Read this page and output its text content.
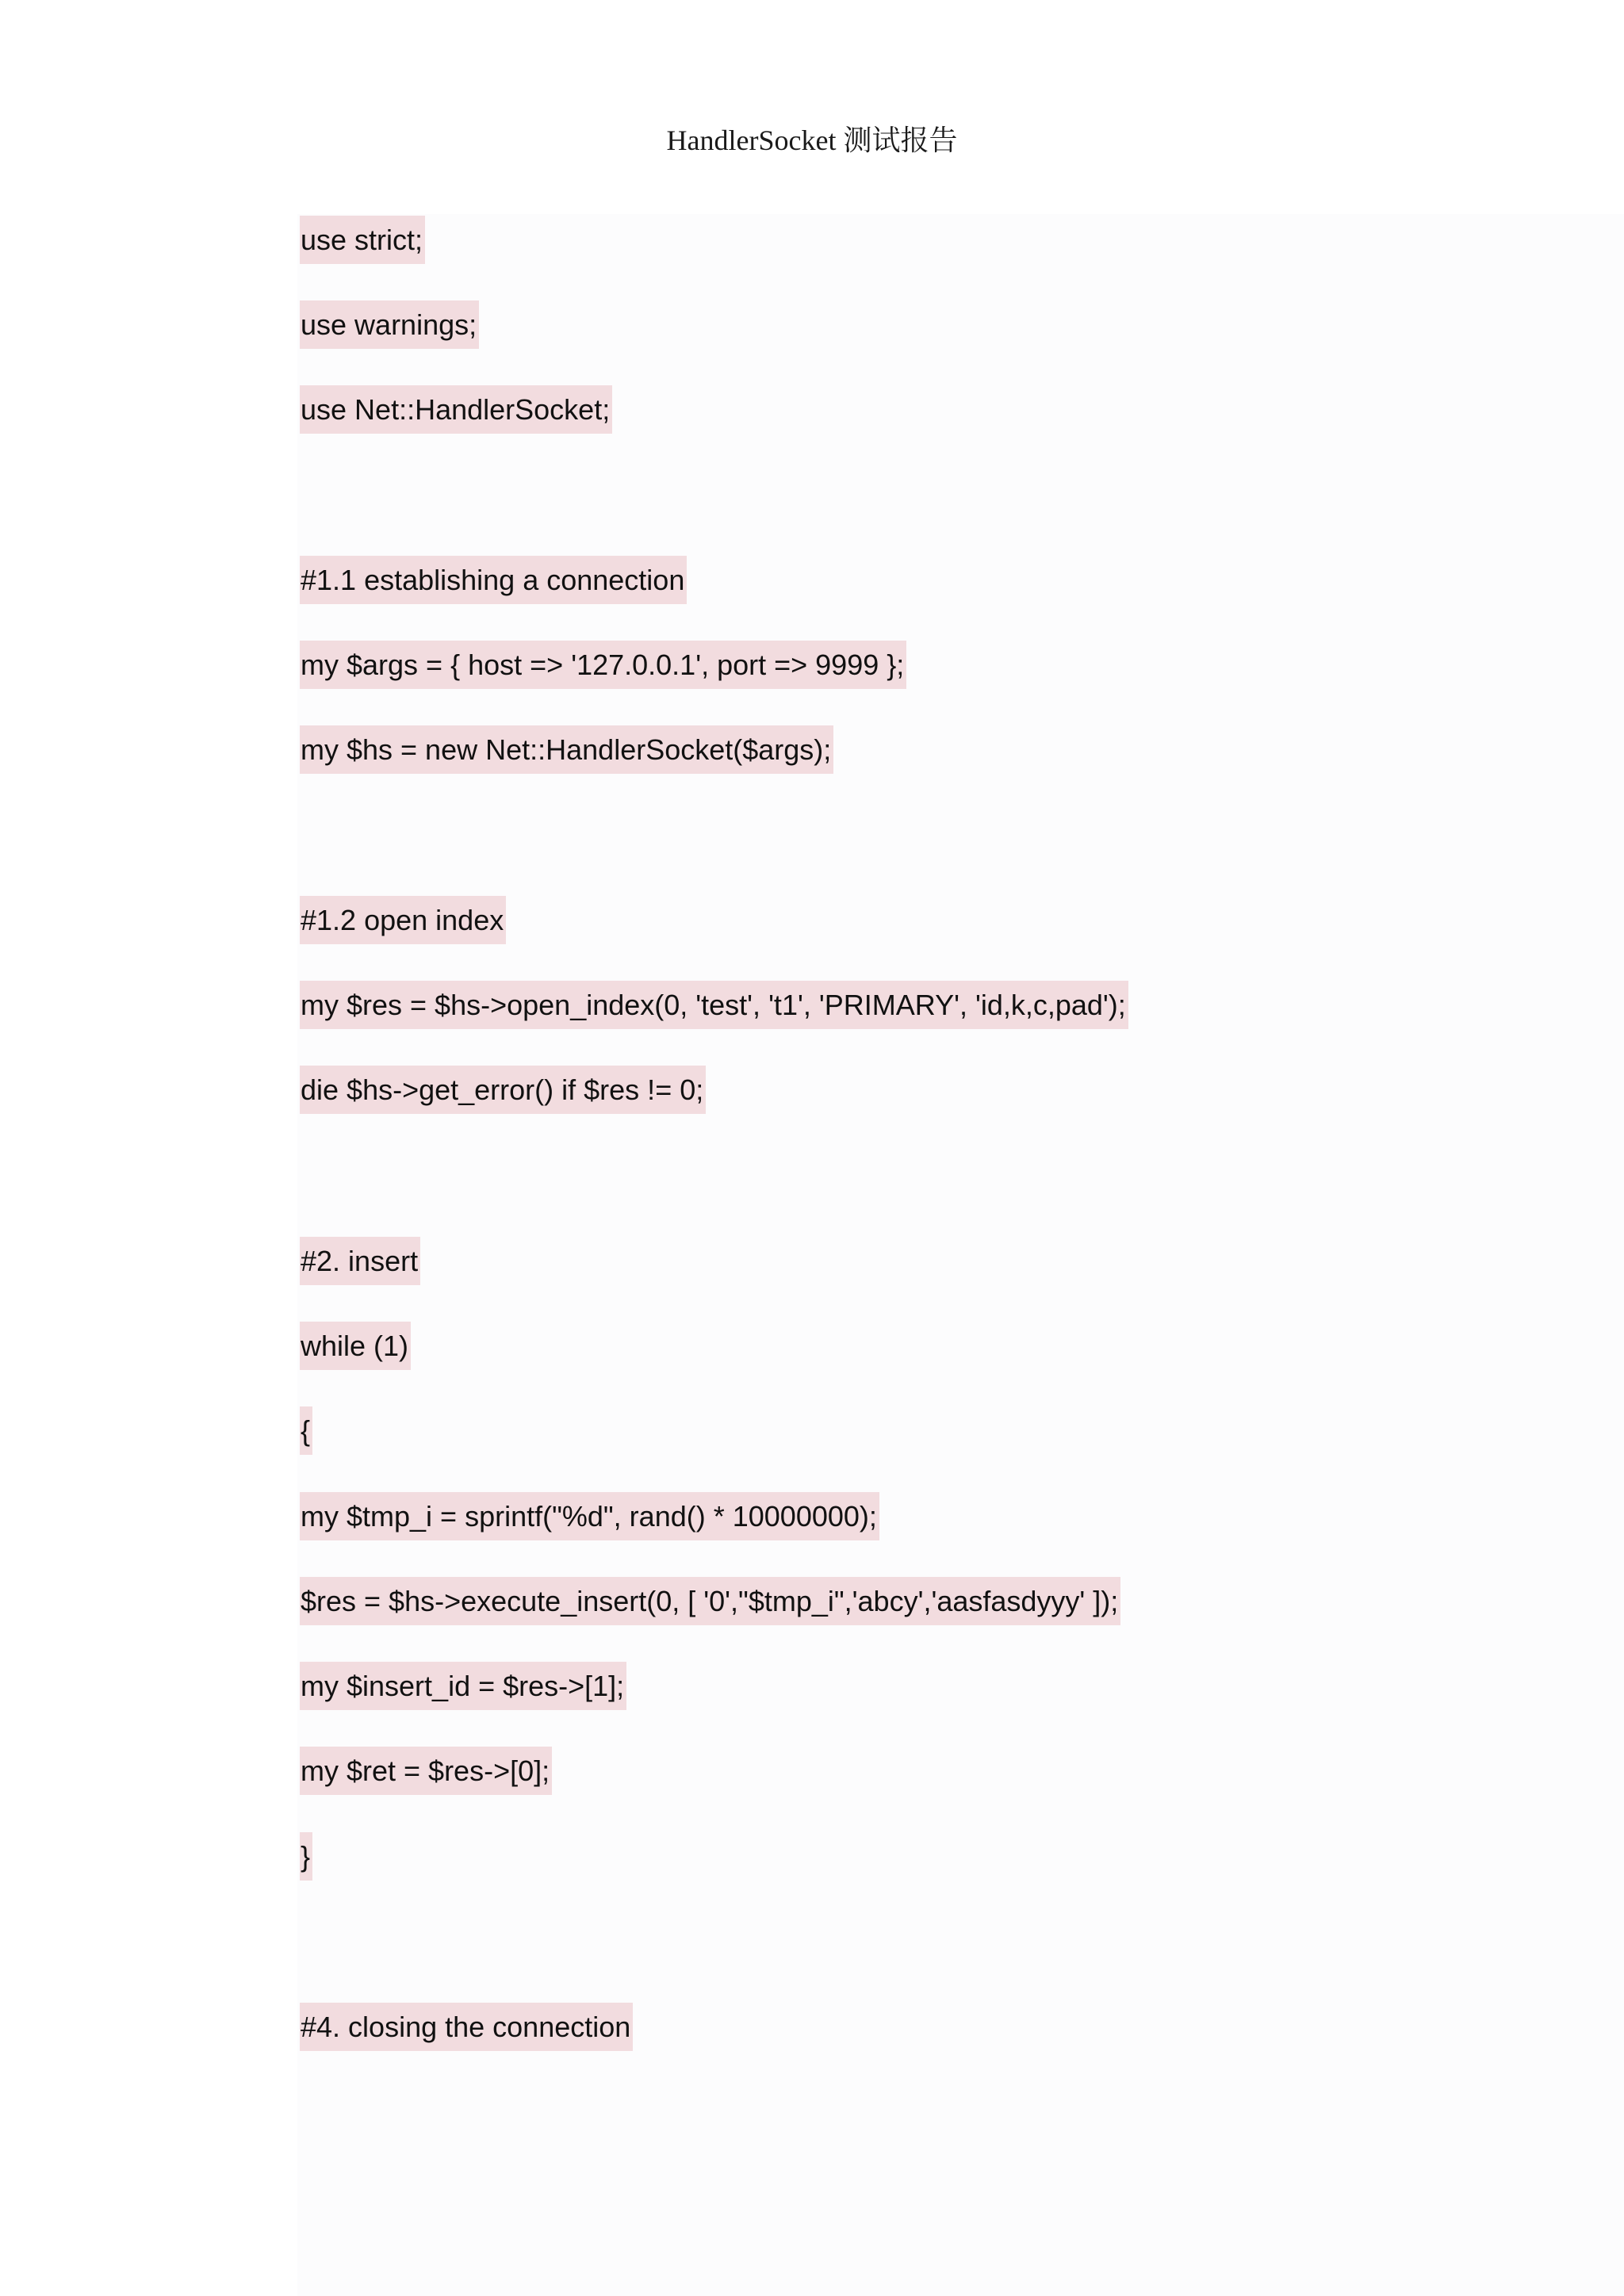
HandlerSocket 测试报告
use strict;
use warnings;
use Net::HandlerSocket;
#1.1 establishing a connection
my $args = { host => '127.0.0.1', port => 9999 };
my $hs = new Net::HandlerSocket($args);
#1.2 open index
my $res = $hs->open_index(0, 'test', 't1', 'PRIMARY', 'id,k,c,pad');
die $hs->get_error() if $res != 0;
#2. insert
while (1)
{
my $tmp_i = sprintf("%d", rand() * 10000000);
$res = $hs->execute_insert(0, [ '0',"$tmp_i",'abcy','aasfasdyyy' ]);
my $insert_id = $res->[1];
my $ret = $res->[0];
}
#4. closing the connection
